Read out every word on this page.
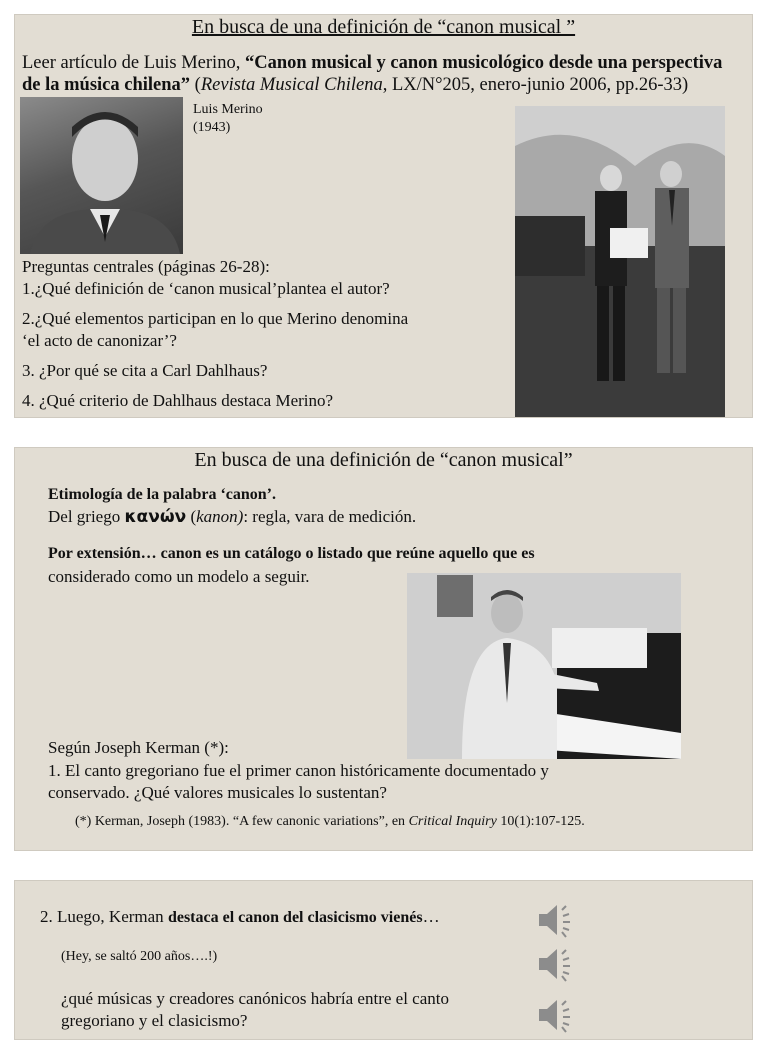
En busca de una definición de “canon musical ”
Leer artículo de Luis Merino, “Canon musical y canon musicológico desde una perspectiva de la música chilena” (Revista Musical Chilena, LX/N°205, enero-junio 2006, pp.26-33)
Luis Merino
(1943)
Preguntas centrales (páginas 26-28):
1.¿Qué definición de ‘canon musical’plantea el autor?
2.¿Qué elementos participan en lo que Merino denomina
‘el acto de canonizar’?
3. ¿Por qué se cita a Carl Dahlhaus?
4. ¿Qué criterio de Dahlhaus destaca Merino?
En busca de una definición de “canon musical”
Etimología de la palabra ‘canon’.
Del griego κανών (kanon): regla, vara de medición.
Por extensión… canon es un catálogo o listado que reúne aquello que es
considerado como un modelo a seguir.
Según Joseph Kerman (*):
1. El canto gregoriano fue el primer canon históricamente documentado y
conservado. ¿Qué valores musicales lo sustentan?
(*) Kerman, Joseph (1983). “A few canonic variations”, en Critical Inquiry 10(1):107-125.
2. Luego, Kerman destaca el canon del clasicismo vienés…
(Hey, se saltó 200 años….!)
¿qué músicas y creadores canónicos habría entre el canto
gregoriano y el clasicismo?
